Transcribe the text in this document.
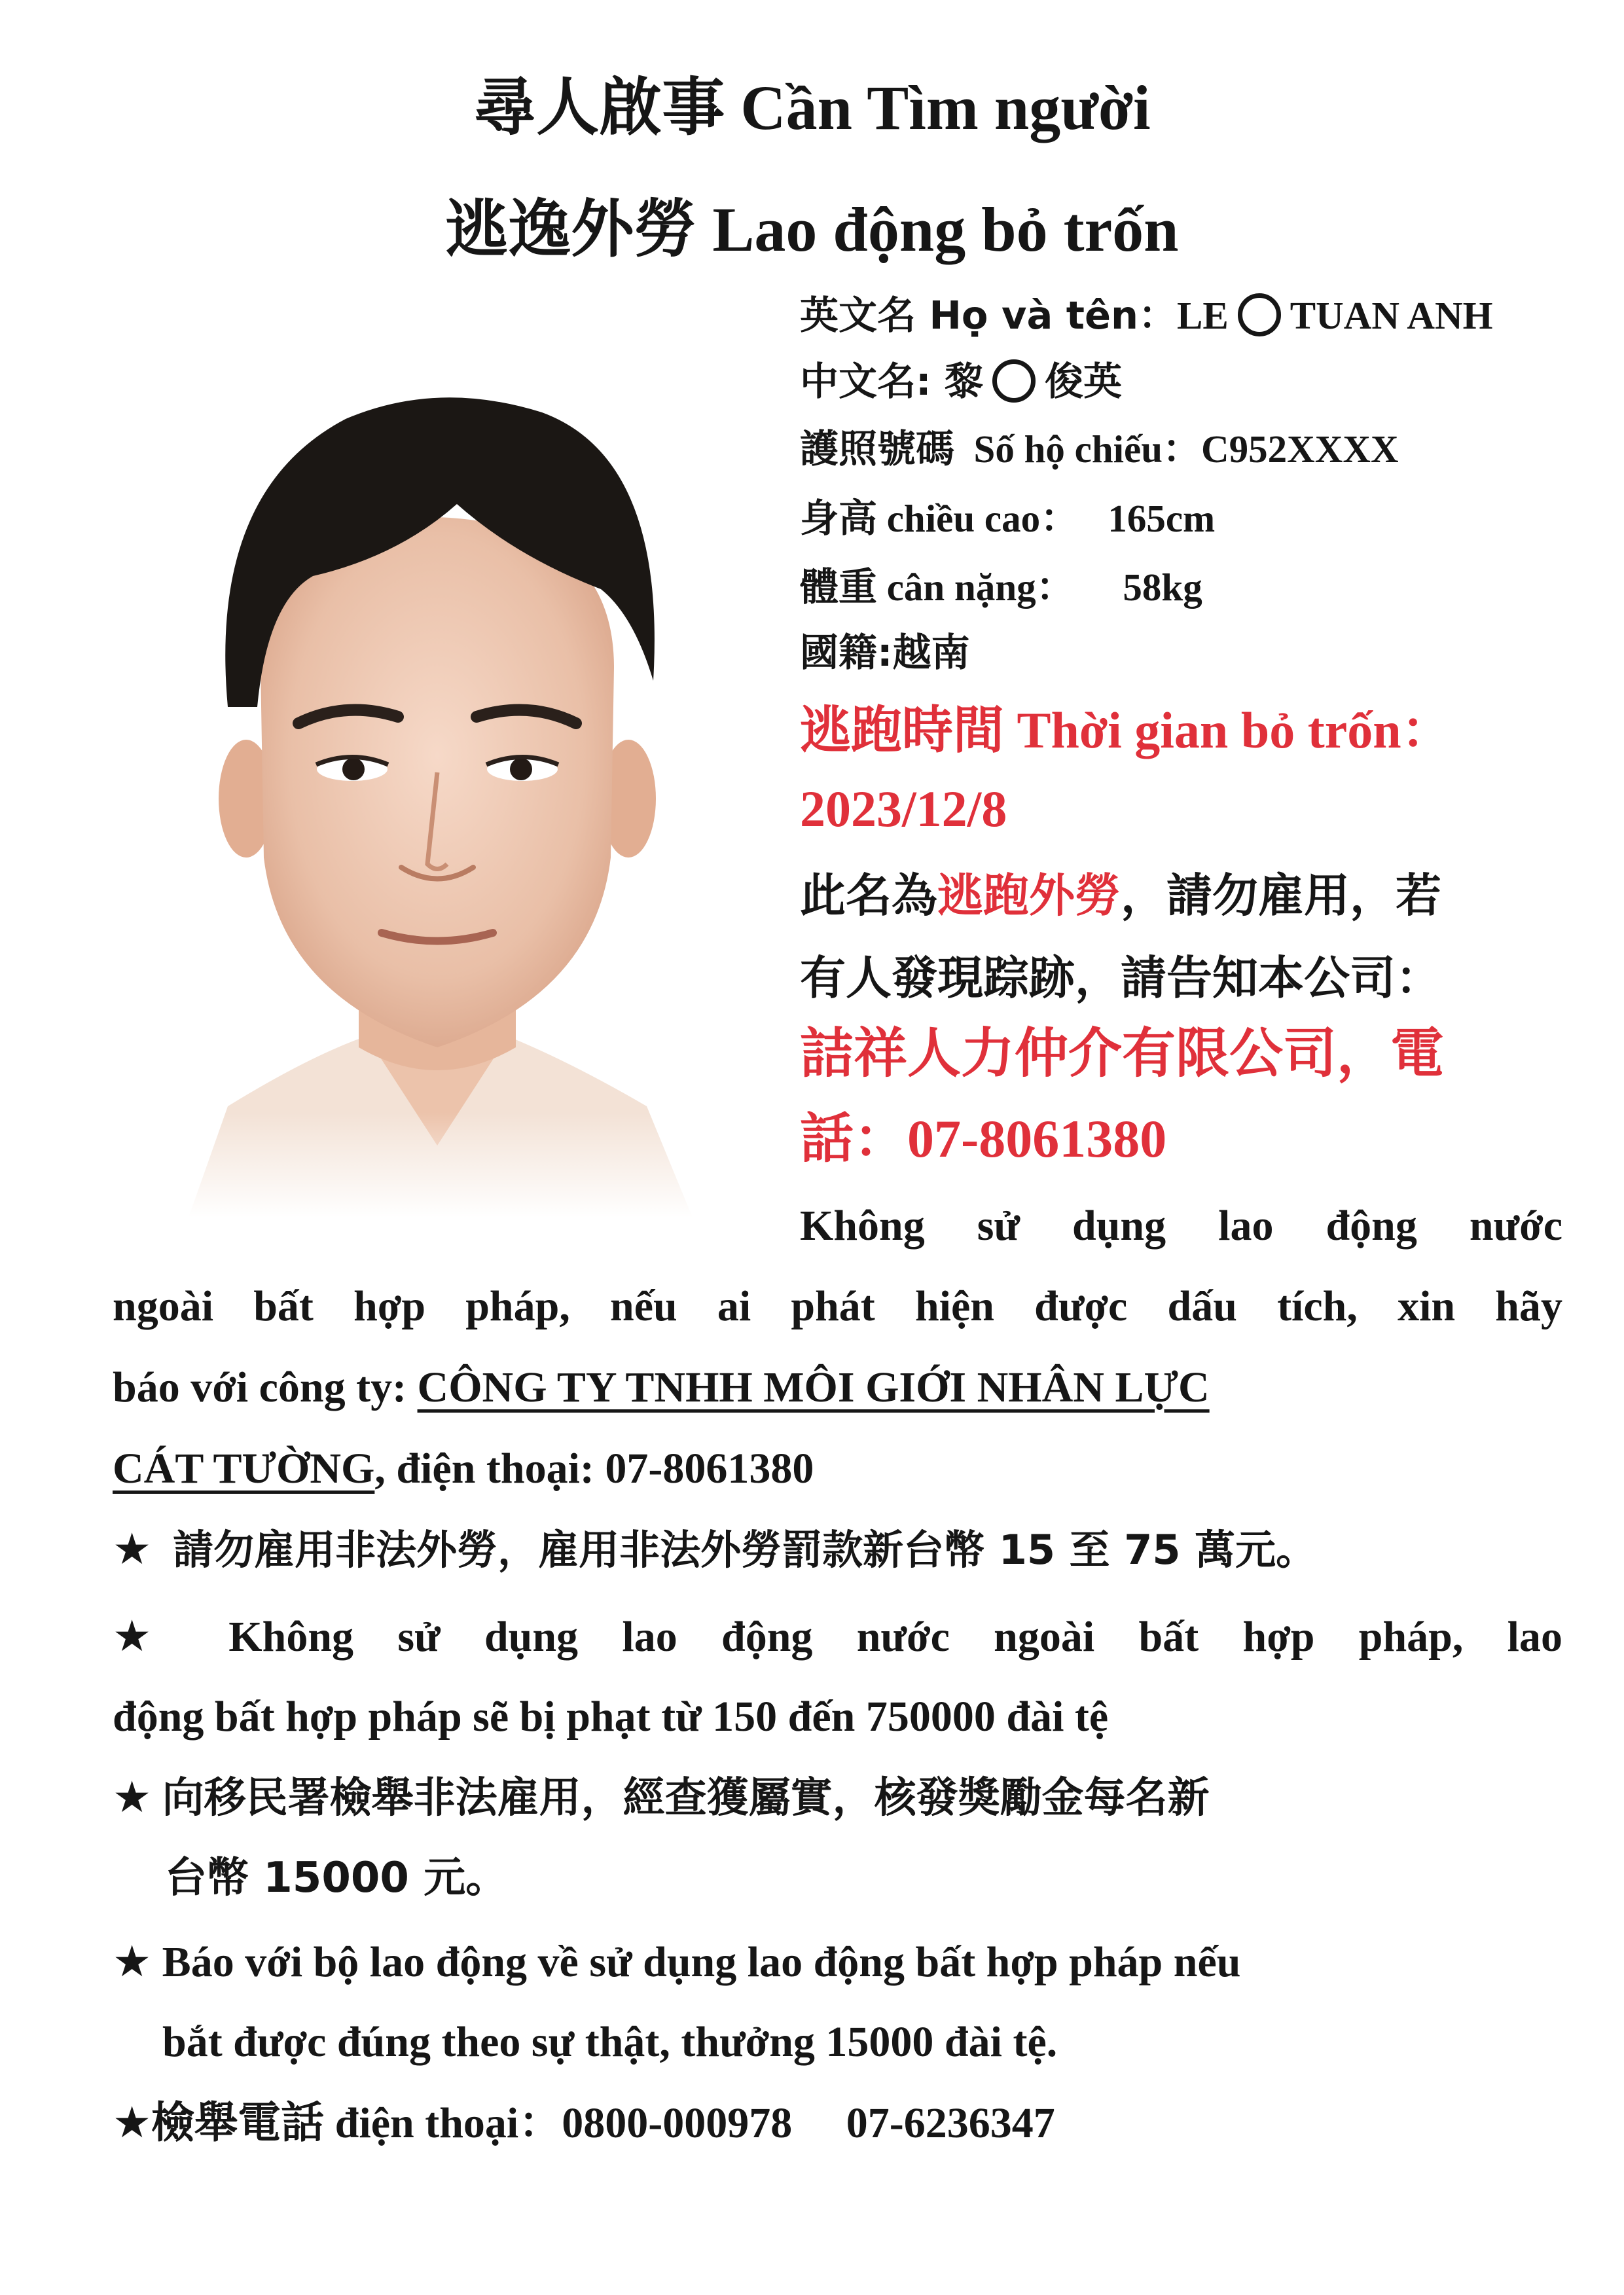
尋人啟事 Cần Tìm người
逃逸外勞 Lao động bỏ trốn
英文名 Họ và tên：LE TUAN ANH
中文名: 黎 俊英
護照號碼 Số hộ chiếu：C952XXXX
身高 chiều cao： 165cm
體重 cân nặng： 58kg
國籍:越南
逃跑時間 Thời gian bỏ trốn：
2023/12/8
此名為逃跑外勞，請勿雇用，若
有人發現踪跡，請告知本公司：
詰祥人力仲介有限公司，電
話：07-8061380
Không sử dụng lao động nước
ngoài bất hợp pháp, nếu ai phát hiện được dấu tích, xin hãy
báo với công ty: CÔNG TY TNHH MÔI GIỚI NHÂN LỰC
CÁT TƯỜNG, điện thoại: 07-8061380
★ 請勿雇用非法外勞，雇用非法外勞罰款新台幣 15 至 75 萬元。
★ Không sử dụng lao động nước ngoài bất hợp pháp, lao
động bất hợp pháp sẽ bị phạt từ 150 đến 750000 đài tệ
★ 向移民署檢舉非法雇用，經查獲屬實，核發獎勵金每名新
台幣 15000 元。
★ Báo với bộ lao động về sử dụng lao động bất hợp pháp nếu
bắt được đúng theo sự thật, thưởng 15000 đài tệ.
★檢舉電話 điện thoại：0800-000978 07-6236347
